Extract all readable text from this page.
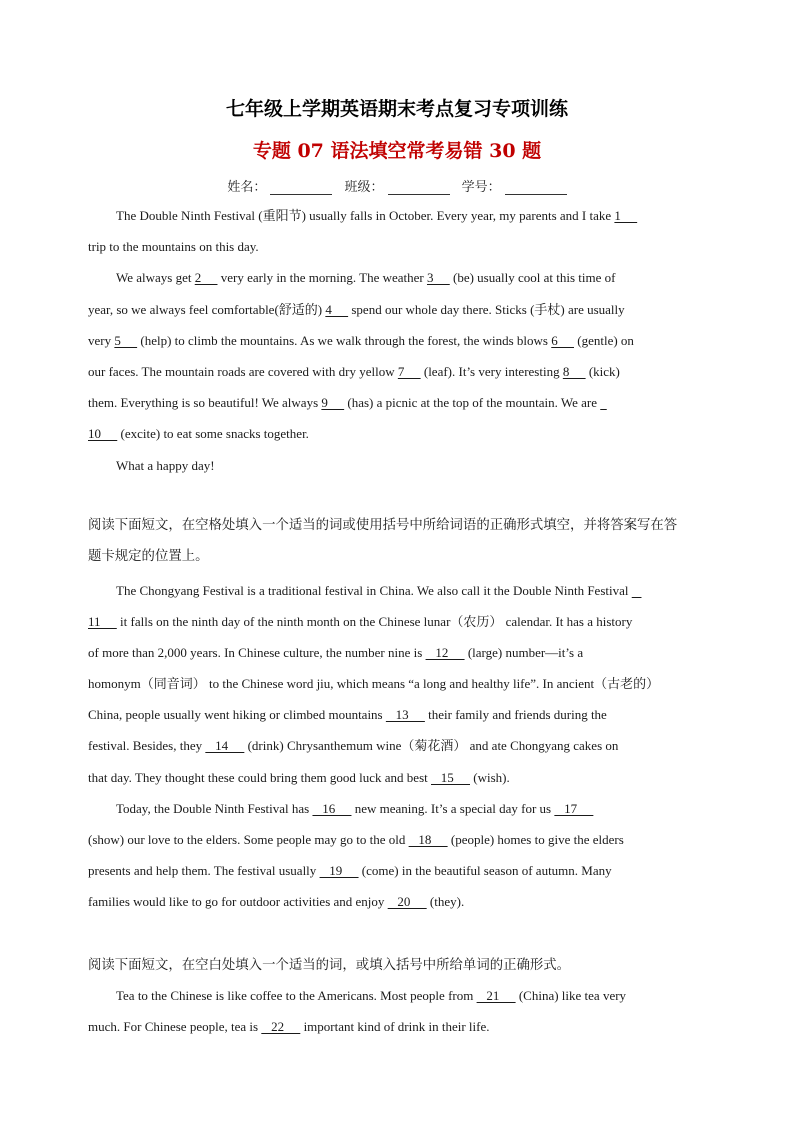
七年级上学期英语期末考点复习专项训练
专题 07 语法填空常考易错 30 题
姓名：	班级：	学号：
The Double Ninth Festival (重阳节) usually falls in October. Every year, my parents and I take 1
trip to the mountains on this day.
We always get 2      very early in the morning. The weather 3      (be) usually cool at this time of
year, so we always feel comfortable(舒适的) 4      spend our whole day there. Sticks (手杖) are usually
very 5      (help) to climb the mountains. As we walk through the forest, the winds blows 6      (gentle) on
our faces. The mountain roads are covered with dry yellow 7      (leaf). It’s very interesting 8      (kick)
them. Everything is so beautiful! We always 9      (has) a picnic at the top of the mountain. We are
10      (excite) to eat some snacks together.
What a happy day!
阅读下面短文，在空格处填入一个适当的词或使用括号中所给词语的正确形式填空，并将答案写在答
题卡规定的位置上。
The Chongyang Festival is a traditional festival in China. We also call it the Double Ninth Festival
11      it falls on the ninth day of the ninth month on the Chinese lunar（农历） calendar. It has a history
of more than 2,000 years. In Chinese culture, the number nine is    12      (large) number—it’s a
homonym（同音词） to the Chinese word jiu, which means “a long and healthy life”. In ancient（古老的）
China, people usually went hiking or climbed mountains    13      their family and friends during the
festival. Besides, they    14      (drink) Chrysanthemum wine（菊花酒） and ate Chongyang cakes on
that day. They thought these could bring them good luck and best    15      (wish).
Today, the Double Ninth Festival has    16      new meaning. It’s a special day for us    17
(show) our love to the elders. Some people may go to the old    18      (people) homes to give the elders
presents and help them. The festival usually    19      (come) in the beautiful season of autumn. Many
families would like to go for outdoor activities and enjoy    20      (they).
阅读下面短文，在空白处填入一个适当的词，或填入括号中所给单词的正确形式。
Tea to the Chinese is like coffee to the Americans. Most people from    21      (China) like tea very
much. For Chinese people, tea is    22      important kind of drink in their life.
